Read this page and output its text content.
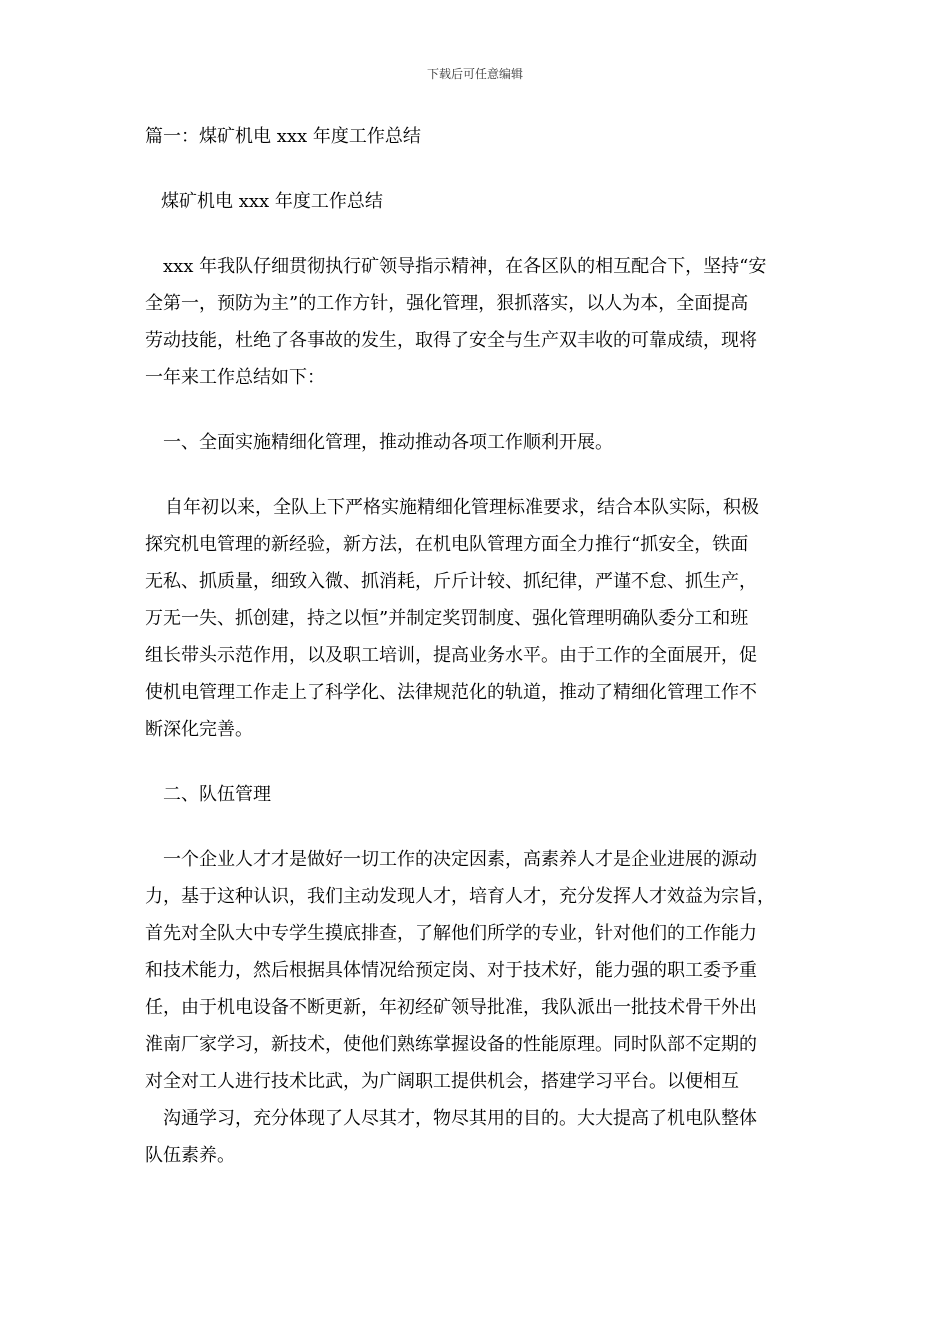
下载后可任意编辑
篇一：煤矿机电 xxx 年度工作总结
煤矿机电 xxx 年度工作总结
xxx 年我队仔细贯彻执行矿领导指示精神，在各区队的相互配合下，坚持“安
全第一，预防为主”的工作方针，强化管理，狠抓落实，以人为本，全面提高
劳动技能，杜绝了各事故的发生，取得了安全与生产双丰收的可靠成绩，现将
一年来工作总结如下：
一、全面实施精细化管理，推动推动各项工作顺利开展。
自年初以来，全队上下严格实施精细化管理标准要求，结合本队实际，积极
探究机电管理的新经验，新方法，在机电队管理方面全力推行“抓安全，铁面
无私、抓质量，细致入微、抓消耗，斤斤计较、抓纪律，严谨不怠、抓生产，
万无一失、抓创建，持之以恒”并制定奖罚制度、强化管理明确队委分工和班
组长带头示范作用，以及职工培训，提高业务水平。由于工作的全面展开，促
使机电管理工作走上了科学化、法律规范化的轨道，推动了精细化管理工作不
断深化完善。
二、队伍管理
一个企业人才才是做好一切工作的决定因素，高素养人才是企业进展的源动
力，基于这种认识，我们主动发现人才，培育人才，充分发挥人才效益为宗旨，
首先对全队大中专学生摸底排查，了解他们所学的专业，针对他们的工作能力
和技术能力，然后根据具体情况给预定岗、对于技术好，能力强的职工委予重
任，由于机电设备不断更新，年初经矿领导批准，我队派出一批技术骨干外出
淮南厂家学习，新技术，使他们熟练掌握设备的性能原理。同时队部不定期的
对全对工人进行技术比武，为广阔职工提供机会，搭建学习平台。以便相互
沟通学习，充分体现了人尽其才，物尽其用的目的。大大提高了机电队整体
队伍素养。
